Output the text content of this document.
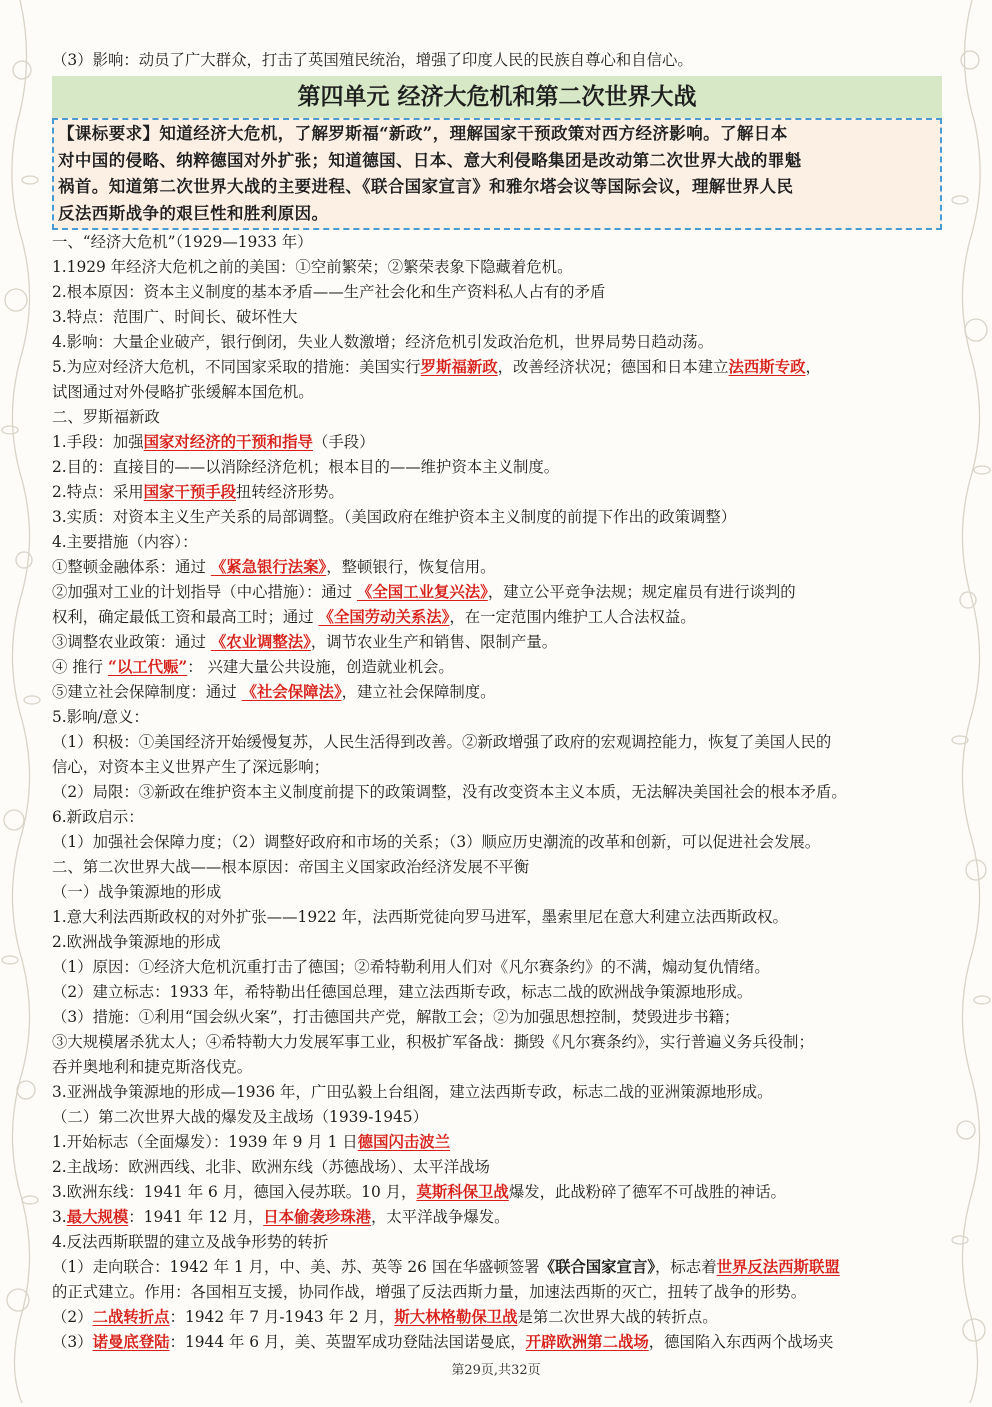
（3）影响：动员了广大群众，打击了英国殖民统治，增强了印度人民的民族自尊心和自信心。
第四单元 经济大危机和第二次世界大战
【课标要求】知道经济大危机，了解罗斯福“新政”，理解国家干预政策对西方经济影响。了解日本
对中国的侵略、纳粹德国对外扩张；知道德国、日本、意大利侵略集团是改动第二次世界大战的罪魁
祸首。知道第二次世界大战的主要进程、《联合国家宣言》和雅尔塔会议等国际会议，理解世界人民
反法西斯战争的艰巨性和胜利原因。
一、“经济大危机”（1929—1933 年）
1.1929 年经济大危机之前的美国：①空前繁荣；②繁荣表象下隐藏着危机。
2.根本原因：资本主义制度的基本矛盾——生产社会化和生产资料私人占有的矛盾
3.特点：范围广、时间长、破坏性大
4.影响：大量企业破产，银行倒闭，失业人数激增；经济危机引发政治危机，世界局势日趋动荡。
5.为应对经济大危机，不同国家采取的措施：美国实行罗斯福新政，改善经济状况；德国和日本建立法西斯专政，
试图通过对外侵略扩张缓解本国危机。
二、罗斯福新政
1.手段：加强国家对经济的干预和指导（手段）
2.目的：直接目的——以消除经济危机；根本目的——维护资本主义制度。
2.特点：采用国家干预手段扭转经济形势。
3.实质：对资本主义生产关系的局部调整。（美国政府在维护资本主义制度的前提下作出的政策调整）
4.主要措施（内容）：
①整顿金融体系：通过 《紧急银行法案》，整顿银行，恢复信用。
②加强对工业的计划指导（中心措施）：通过 《全国工业复兴法》，建立公平竞争法规；规定雇员有进行谈判的
权利，确定最低工资和最高工时；通过 《全国劳动关系法》，在一定范围内维护工人合法权益。
③调整农业政策：通过 《农业调整法》，调节农业生产和销售、限制产量。
④ 推行 “以工代赈”： 兴建大量公共设施，创造就业机会。
⑤建立社会保障制度：通过 《社会保障法》，建立社会保障制度。
5.影响/意义：
（1）积极：①美国经济开始缓慢复苏，人民生活得到改善。②新政增强了政府的宏观调控能力，恢复了美国人民的
信心，对资本主义世界产生了深远影响；
（2）局限：③新政在维护资本主义制度前提下的政策调整，没有改变资本主义本质，无法解决美国社会的根本矛盾。
6.新政启示：
（1）加强社会保障力度；（2）调整好政府和市场的关系；（3）顺应历史潮流的改革和创新，可以促进社会发展。
二、第二次世界大战——根本原因：帝国主义国家政治经济发展不平衡
（一）战争策源地的形成
1.意大利法西斯政权的对外扩张——1922 年，法西斯党徒向罗马进军，墨索里尼在意大利建立法西斯政权。
2.欧洲战争策源地的形成
（1）原因：①经济大危机沉重打击了德国；②希特勒利用人们对《凡尔赛条约》的不满，煽动复仇情绪。
（2）建立标志：1933 年，希特勒出任德国总理，建立法西斯专政，标志二战的欧洲战争策源地形成。
（3）措施：①利用“国会纵火案”，打击德国共产党，解散工会；②为加强思想控制，焚毁进步书籍；
③大规模屠杀犹太人；④希特勒大力发展军事工业，积极扩军备战：撕毁《凡尔赛条约》，实行普遍义务兵役制；
吞并奥地利和捷克斯洛伐克。
3.亚洲战争策源地的形成—1936 年，广田弘毅上台组阁，建立法西斯专政，标志二战的亚洲策源地形成。
（二）第二次世界大战的爆发及主战场（1939-1945）
1.开始标志（全面爆发）：1939 年 9 月 1 日德国闪击波兰
2.主战场：欧洲西线、北非、欧洲东线（苏德战场）、太平洋战场
3.欧洲东线：1941 年 6 月，德国入侵苏联。10 月，莫斯科保卫战爆发，此战粉碎了德军不可战胜的神话。
3.最大规模：1941 年 12 月，日本偷袭珍珠港，太平洋战争爆发。
4.反法西斯联盟的建立及战争形势的转折
（1）走向联合：1942 年 1 月，中、美、苏、英等 26 国在华盛顿签署《联合国家宣言》，标志着世界反法西斯联盟
的正式建立。作用：各国相互支援，协同作战，增强了反法西斯力量，加速法西斯的灭亡，扭转了战争的形势。
（2）二战转折点：1942 年 7 月-1943 年 2 月，斯大林格勒保卫战是第二次世界大战的转折点。
（3）诺曼底登陆：1944 年 6 月，美、英盟军成功登陆法国诺曼底，开辟欧洲第二战场，德国陷入东西两个战场夹
第29页,共32页
